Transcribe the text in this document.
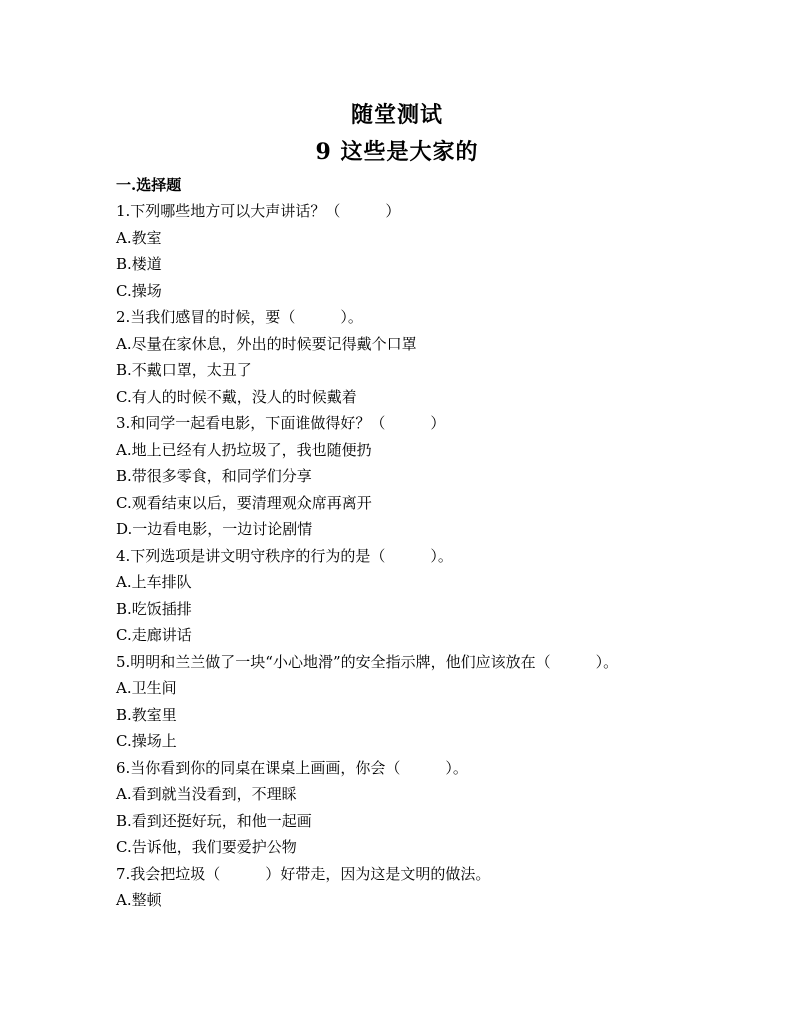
随堂测试
9 这些是大家的
一.选择题
1.下列哪些地方可以大声讲话？（　　　）
A.教室
B.楼道
C.操场
2.当我们感冒的时候，要（　　　）。
A.尽量在家休息，外出的时候要记得戴个口罩
B.不戴口罩，太丑了
C.有人的时候不戴，没人的时候戴着
3.和同学一起看电影，下面谁做得好？（　　　）
A.地上已经有人扔垃圾了，我也随便扔
B.带很多零食，和同学们分享
C.观看结束以后，要清理观众席再离开
D.一边看电影，一边讨论剧情
4.下列选项是讲文明守秩序的行为的是（　　　）。
A.上车排队
B.吃饭插排
C.走廊讲话
5.明明和兰兰做了一块“小心地滑”的安全指示牌，他们应该放在（　　　）。
A.卫生间
B.教室里
C.操场上
6.当你看到你的同桌在课桌上画画，你会（　　　）。
A.看到就当没看到，不理睬
B.看到还挺好玩，和他一起画
C.告诉他，我们要爱护公物
7.我会把垃圾（　　　）好带走，因为这是文明的做法。
A.整顿
